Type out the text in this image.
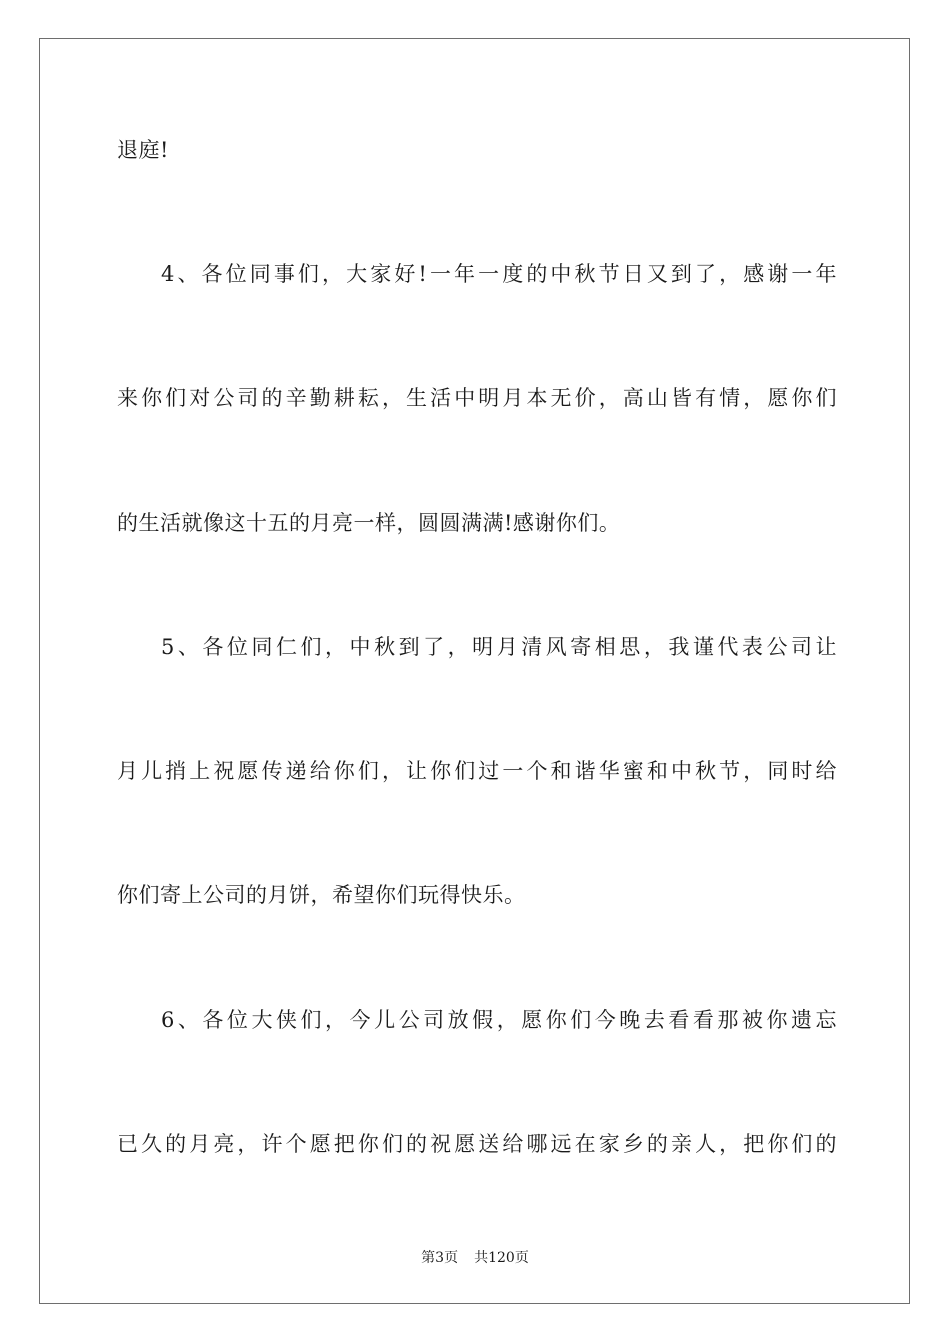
退庭!
4、各位同事们，大家好!一年一度的中秋节日又到了，感谢一年
来你们对公司的辛勤耕耘，生活中明月本无价，高山皆有情，愿你们
的生活就像这十五的月亮一样，圆圆满满!感谢你们。
5、各位同仁们，中秋到了，明月清风寄相思，我谨代表公司让
月儿捎上祝愿传递给你们，让你们过一个和谐华蜜和中秋节，同时给
你们寄上公司的月饼，希望你们玩得快乐。
6、各位大侠们，今儿公司放假，愿你们今晚去看看那被你遗忘
已久的月亮，许个愿把你们的祝愿送给哪远在家乡的亲人，把你们的
第3页 共120页
